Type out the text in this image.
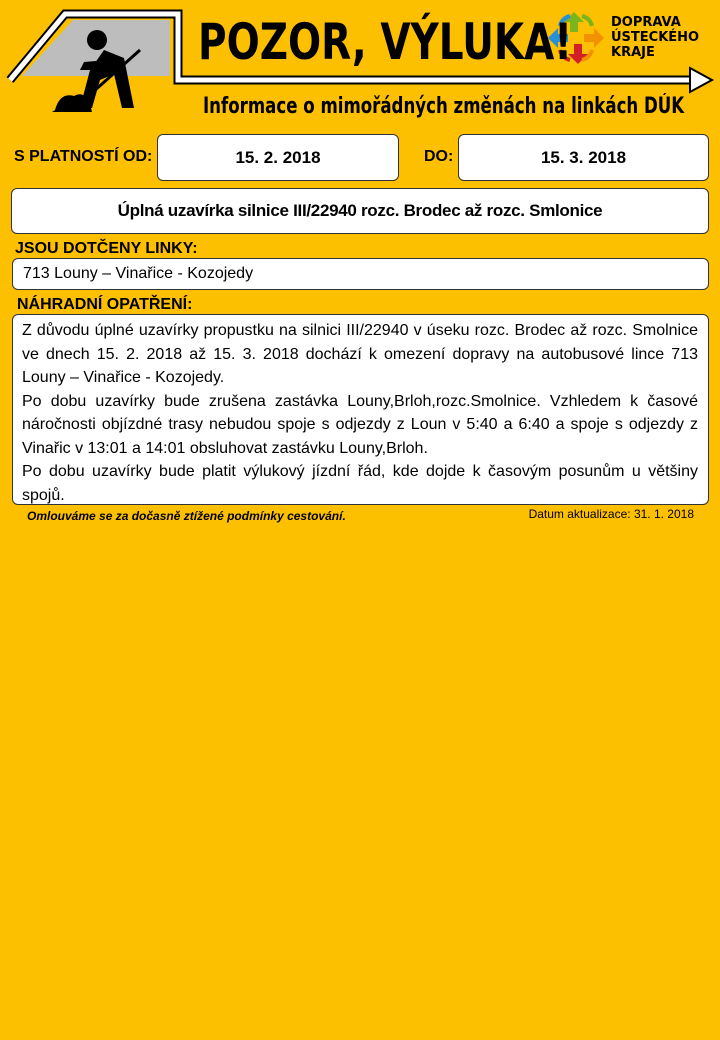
POZOR, VÝLUKA!
Informace o mimořádných změnách na linkách DÚK
DOPRAVA
ÚSTECKÉHO
KRAJE
S PLATNOSTÍ OD:	15. 2. 2018	DO:	15. 3. 2018
Úplná uzavírka silnice III/22940 rozc. Brodec až rozc. Smlonice
JSOU DOTČENY LINKY:
713 Louny – Vinařice - Kozojedy
NÁHRADNÍ OPATŘENÍ:

Z důvodu úplné uzavírky propustku na silnici III/22940 v úseku rozc. Brodec až rozc. Smolnice ve dnech 15. 2. 2018 až 15. 3. 2018 dochází k omezení dopravy na autobusové lince 713 Louny – Vinařice - Kozojedy.

Po dobu uzavírky bude zrušena zastávka Louny,Brloh,rozc.Smolnice. Vzhledem k časové náročnosti objízdné trasy nebudou spoje s odjezdy z Loun v 5:40 a 6:40 a spoje s odjezdy z Vinařic v 13:01 a 14:01 obsluhovat zastávku Louny,Brloh.

Po dobu uzavírky bude platit výlukový jízdní řád, kde dojde k časovým posunům u většiny spojů.

Omlouváme se za dočasně ztížené podmínky cestování.	Datum aktualizace: 31. 1. 2018
